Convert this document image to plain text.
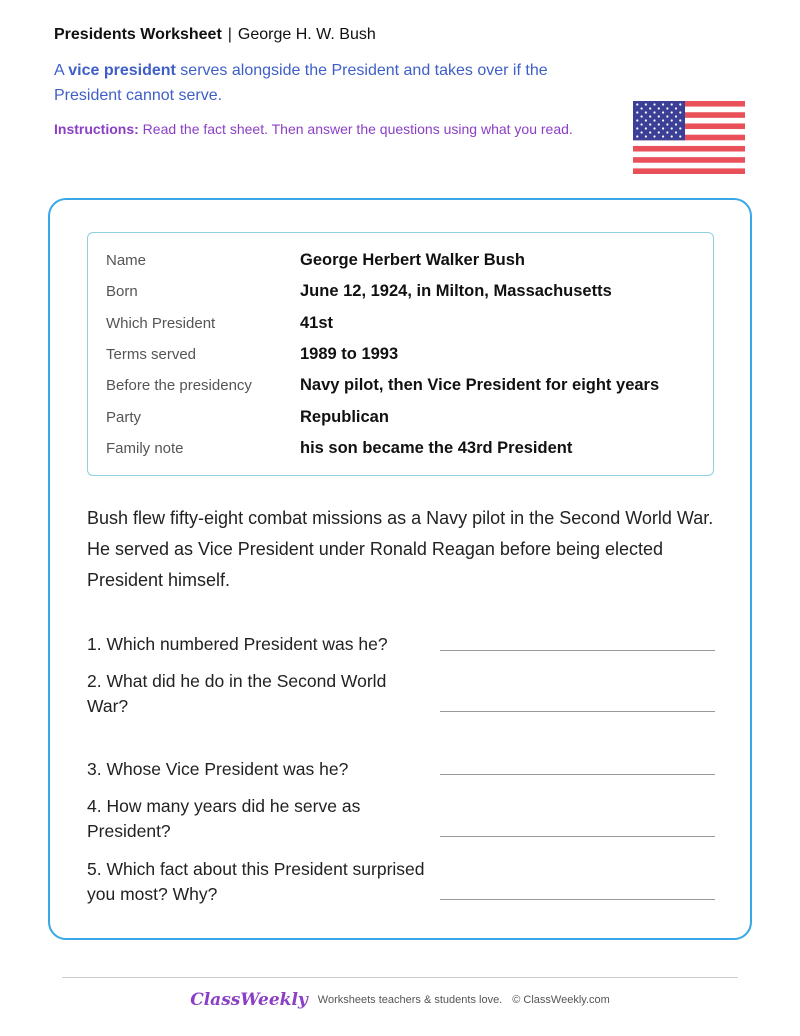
Presidents Worksheet | George H. W. Bush
A vice president serves alongside the President and takes over if the President cannot serve.
Instructions: Read the fact sheet. Then answer the questions using what you read.
Name	George Herbert Walker Bush
Born	June 12, 1924, in Milton, Massachusetts
Which President	41st
Terms served	1989 to 1993
Before the presidency	Navy pilot, then Vice President for eight years
Party	Republican
Family note	his son became the 43rd President
Bush flew fifty-eight combat missions as a Navy pilot in the Second World War. He served as Vice President under Ronald Reagan before being elected President himself.
1. Which numbered President was he?
2. What did he do in the Second World War?
3. Whose Vice President was he?
4. How many years did he serve as President?
5. Which fact about this President surprised you most? Why?
ClassWeekly Worksheets teachers & students love. © ClassWeekly.com
